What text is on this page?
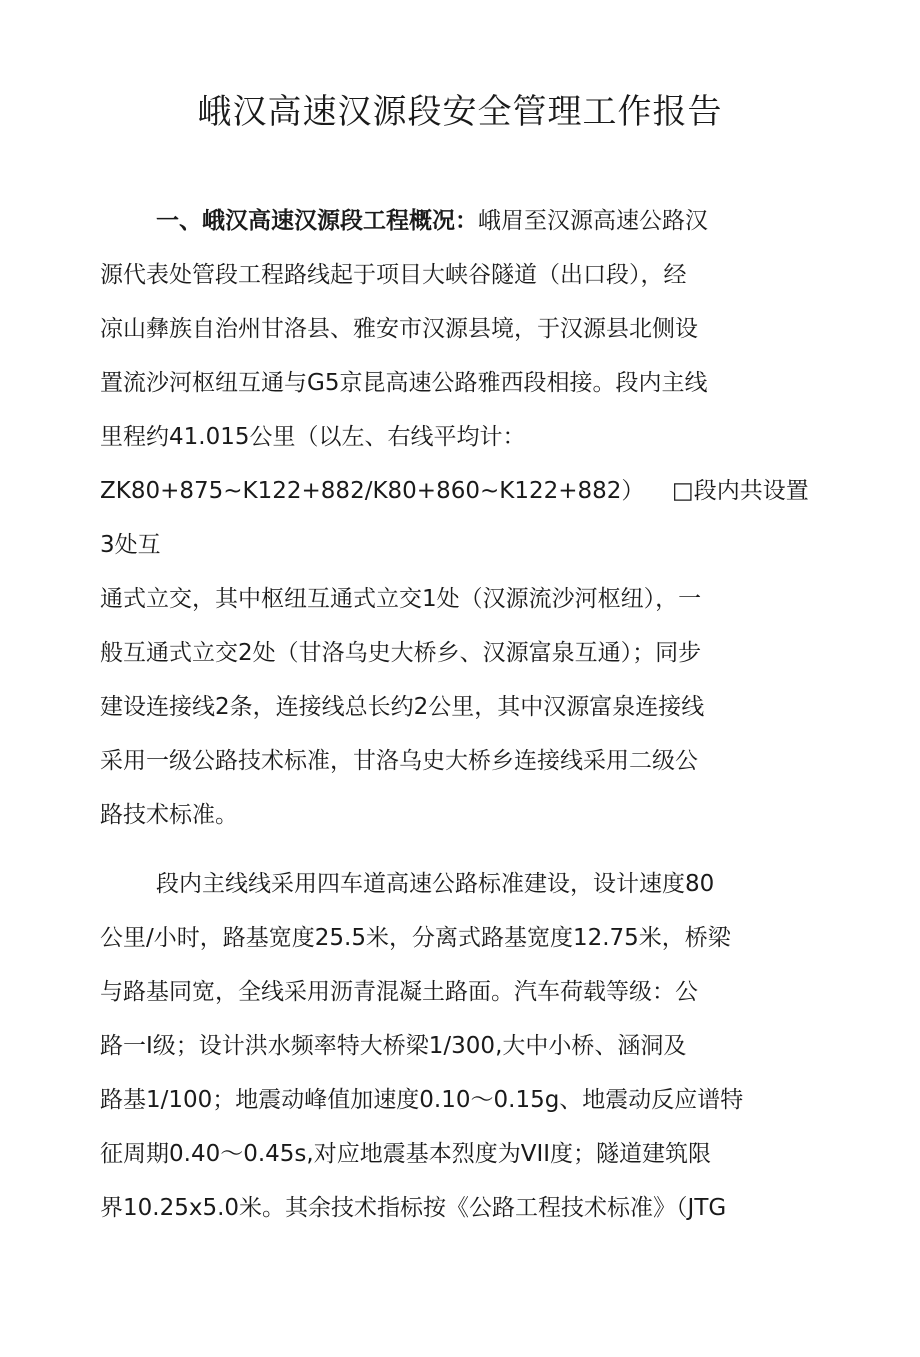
峨汉高速汉源段安全管理工作报告
一、峨汉高速汉源段工程概况：峨眉至汉源高速公路汉
源代表处管段工程路线起于项目大峡谷隧道（出口段），经
凉山彝族自治州甘洛县、雅安市汉源县境，于汉源县北侧设
置流沙河枢纽互通与G5京昆高速公路雅西段相接。段内主线
里程约41.015公里（以左、右线平均计：
ZK80+875~K122+882/K80+860~K122+882） □段内共设置
3处互
通式立交，其中枢纽互通式立交1处（汉源流沙河枢纽），一
般互通式立交2处（甘洛乌史大桥乡、汉源富泉互通）；同步
建设连接线2条，连接线总长约2公里，其中汉源富泉连接线
采用一级公路技术标准，甘洛乌史大桥乡连接线采用二级公
路技术标准。
段内主线线采用四车道高速公路标准建设，设计速度80
公里/小时，路基宽度25.5米，分离式路基宽度12.75米，桥梁
与路基同宽，全线采用沥青混凝土路面。汽车荷载等级：公
路一I级；设计洪水频率特大桥梁1/300,大中小桥、涵洞及
路基1/100；地震动峰值加速度0.10〜0.15g、地震动反应谱特
征周期0.40〜0.45s,对应地震基本烈度为VII度；隧道建筑限
界10.25x5.0米。其余技术指标按《公路工程技术标准》（JTG
